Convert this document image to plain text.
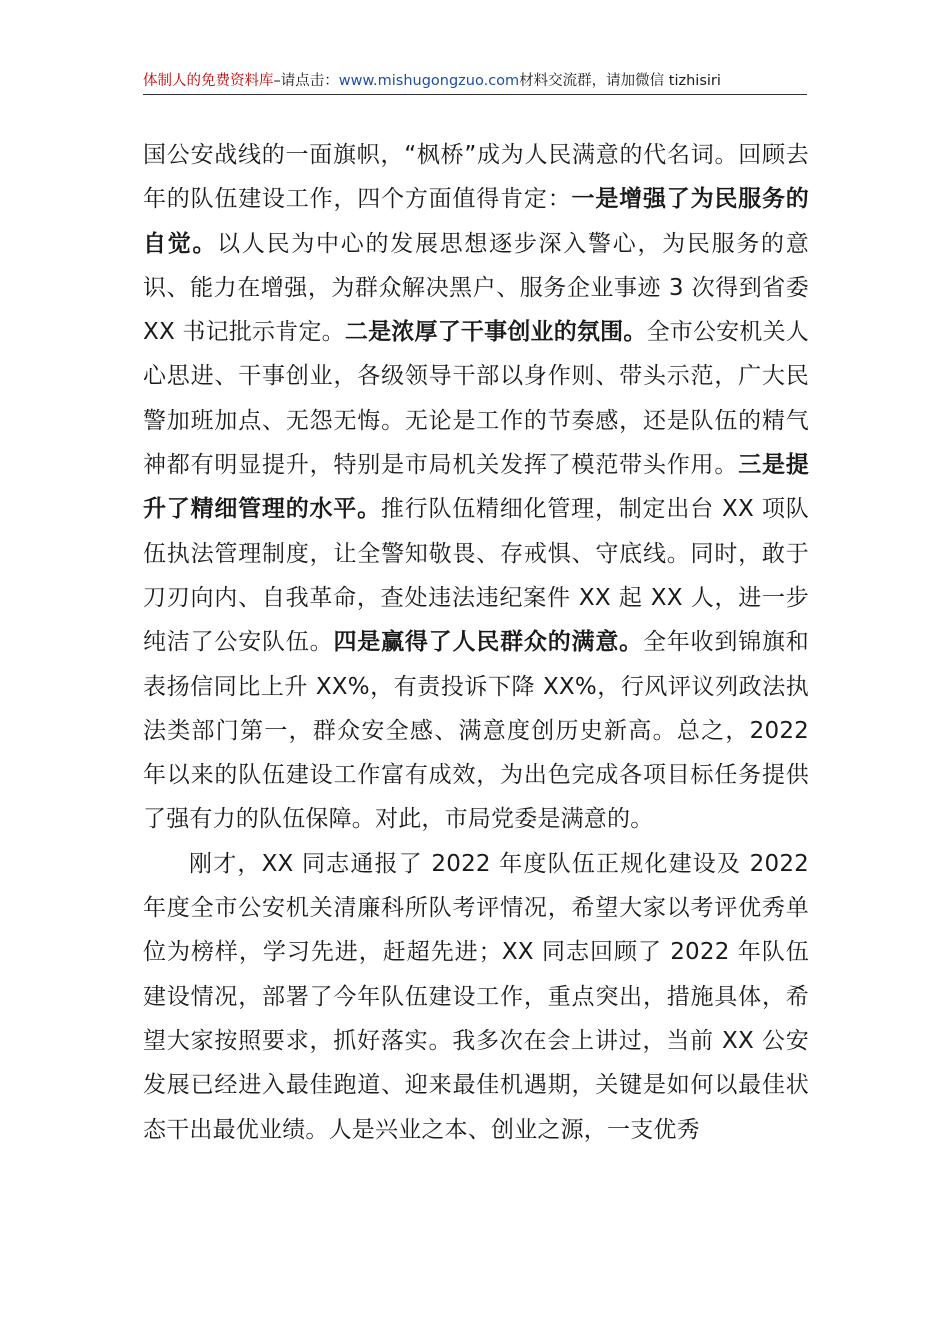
体制人的免费资料库–请点击：www.mishugongzuo.com材料交流群，请加微信 tizhisiri

国公安战线的一面旗帜，“枫桥”成为人民满意的代名词。回顾去年的队伍建设工作，四个方面值得肯定：一是增强了为民服务的自觉。以人民为中心的发展思想逐步深入警心，为民服务的意识、能力在增强，为群众解决黑户、服务企业事迹 3 次得到省委 XX 书记批示肯定。二是浓厚了干事创业的氛围。全市公安机关人心思进、干事创业，各级领导干部以身作则、带头示范，广大民警加班加点、无怨无悔。无论是工作的节奏感，还是队伍的精气神都有明显提升，特别是市局机关发挥了模范带头作用。三是提升了精细管理的水平。推行队伍精细化管理，制定出台 XX 项队伍执法管理制度，让全警知敬畏、存戒惧、守底线。同时，敢于刀刃向内、自我革命，查处违法违纪案件 XX 起 XX 人，进一步纯洁了公安队伍。四是赢得了人民群众的满意。全年收到锦旗和表扬信同比上升 XX%，有责投诉下降 XX%，行风评议列政法执法类部门第一，群众安全感、满意度创历史新高。总之，2022 年以来的队伍建设工作富有成效，为出色完成各项目标任务提供了强有力的队伍保障。对此，市局党委是满意的。

刚才，XX 同志通报了 2022 年度队伍正规化建设及 2022 年度全市公安机关清廉科所队考评情况，希望大家以考评优秀单位为榜样，学习先进，赶超先进；XX 同志回顾了 2022 年队伍建设情况，部署了今年队伍建设工作，重点突出，措施具体，希望大家按照要求，抓好落实。我多次在会上讲过，当前 XX 公安发展已经进入最佳跑道、迎来最佳机遇期，关键是如何以最佳状态干出最优业绩。人是兴业之本、创业之源，一支优秀
